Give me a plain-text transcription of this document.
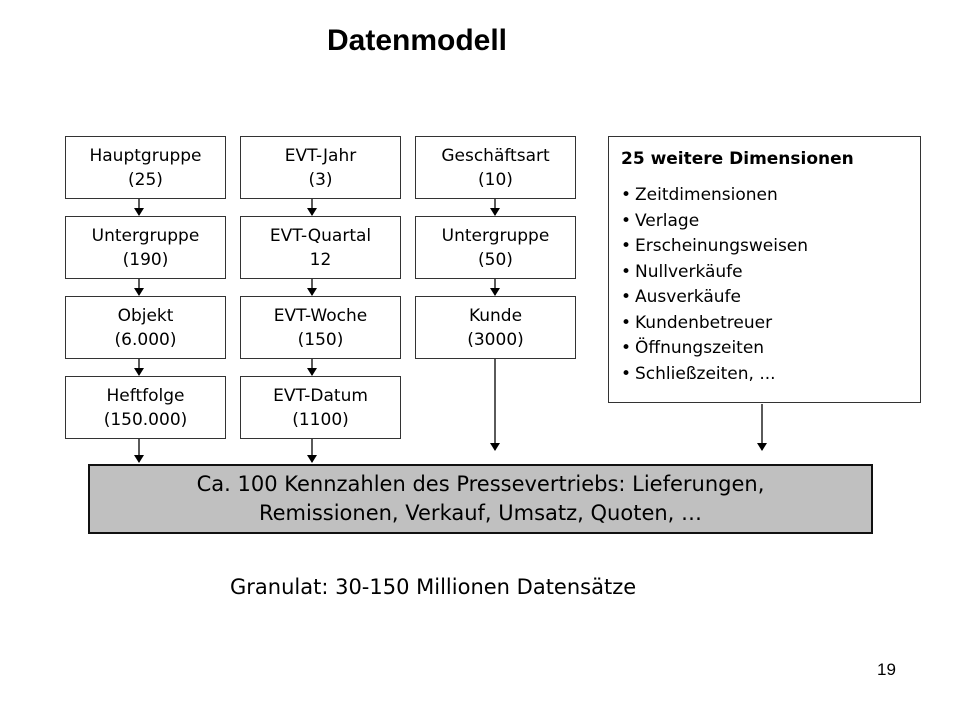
Datenmodell
Hauptgruppe
(25)
Untergruppe
(190)
Objekt
(6.000)
Heftfolge
(150.000)
EVT-Jahr
(3)
EVT-Quartal
12
EVT-Woche
(150)
EVT-Datum
(1100)
Geschäftsart
(10)
Untergruppe
(50)
Kunde
(3000)
25 weitere Dimensionen
• Zeitdimensionen
• Verlage
• Erscheinungsweisen
• Nullverkäufe
• Ausverkäufe
• Kundenbetreuer
• Öffnungszeiten
• Schließzeiten, ...
Ca. 100 Kennzahlen des Pressevertriebs: Lieferungen,
Remissionen, Verkauf, Umsatz, Quoten, …
Granulat: 30-150 Millionen Datensätze
19
